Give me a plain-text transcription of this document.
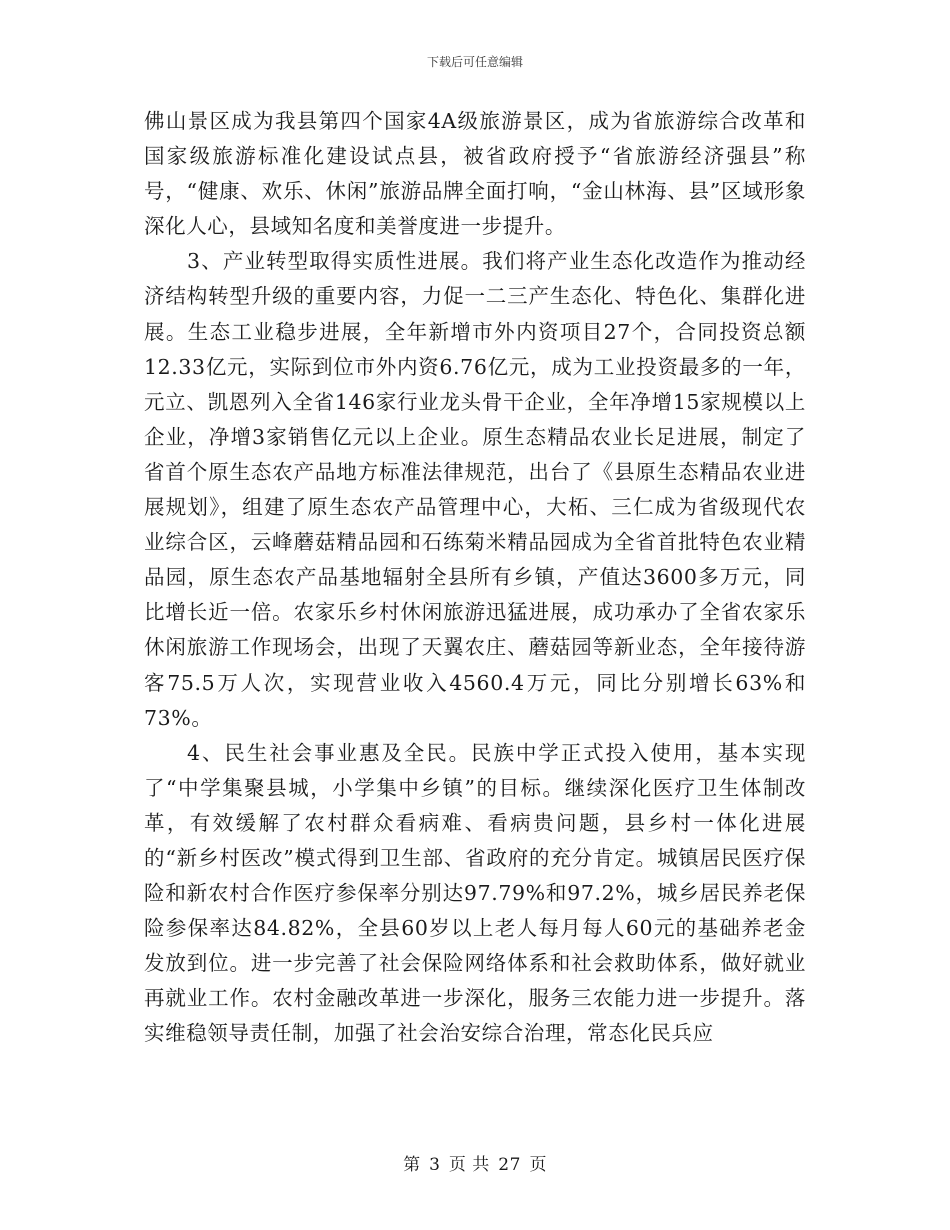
下载后可任意编辑

佛山景区成为我县第四个国家4A级旅游景区，成为省旅游综合改革和国家级旅游标准化建设试点县，被省政府授予“省旅游经济强县”称号，“健康、欢乐、休闲”旅游品牌全面打响，“金山林海、县”区域形象深化人心，县域知名度和美誉度进一步提升。

3、产业转型取得实质性进展。我们将产业生态化改造作为推动经济结构转型升级的重要内容，力促一二三产生态化、特色化、集群化进展。生态工业稳步进展，全年新增市外内资项目27个，合同投资总额12.33亿元，实际到位市外内资6.76亿元，成为工业投资最多的一年，元立、凯恩列入全省146家行业龙头骨干企业，全年净增15家规模以上企业，净增3家销售亿元以上企业。原生态精品农业长足进展，制定了省首个原生态农产品地方标准法律规范，出台了《县原生态精品农业进展规划》，组建了原生态农产品管理中心，大柘、三仁成为省级现代农业综合区，云峰蘑菇精品园和石练菊米精品园成为全省首批特色农业精品园，原生态农产品基地辐射全县所有乡镇，产值达3600多万元，同比增长近一倍。农家乐乡村休闲旅游迅猛进展，成功承办了全省农家乐休闲旅游工作现场会，出现了天翼农庄、蘑菇园等新业态，全年接待游客75.5万人次，实现营业收入4560.4万元，同比分别增长63%和73%。

4、民生社会事业惠及全民。民族中学正式投入使用，基本实现了“中学集聚县城，小学集中乡镇”的目标。继续深化医疗卫生体制改革，有效缓解了农村群众看病难、看病贵问题，县乡村一体化进展的“新乡村医改”模式得到卫生部、省政府的充分肯定。城镇居民医疗保险和新农村合作医疗参保率分别达97.79%和97.2%，城乡居民养老保险参保率达84.82%，全县60岁以上老人每月每人60元的基础养老金发放到位。进一步完善了社会保险网络体系和社会救助体系，做好就业再就业工作。农村金融改革进一步深化，服务三农能力进一步提升。落实维稳领导责任制，加强了社会治安综合治理，常态化民兵应

第 3 页 共 27 页
